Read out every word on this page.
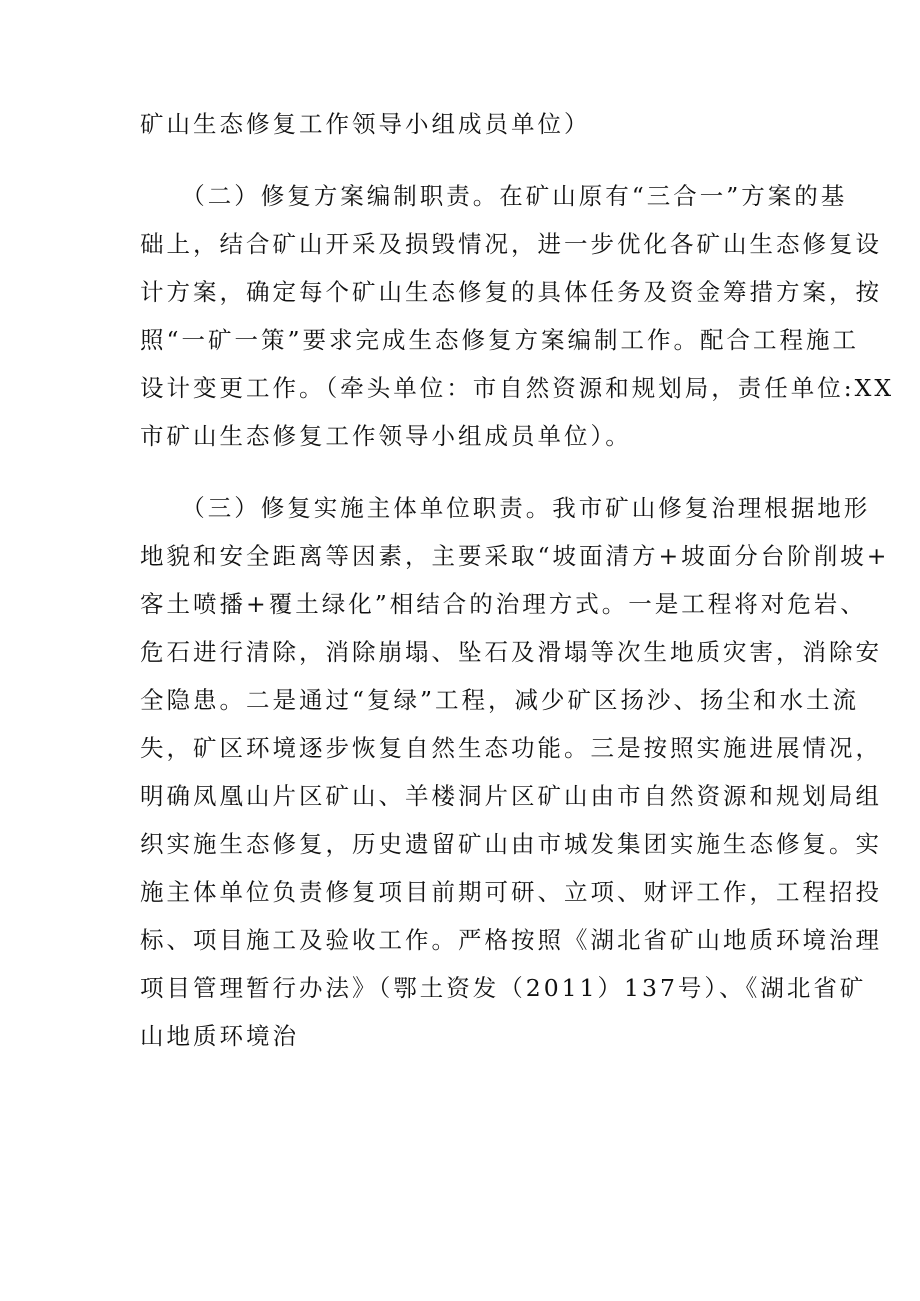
矿山生态修复工作领导小组成员单位）
　　（二）修复方案编制职责。在矿山原有“三合一”方案的基
础上，结合矿山开采及损毁情况，进一步优化各矿山生态修复设
计方案，确定每个矿山生态修复的具体任务及资金筹措方案，按
照“一矿一策”要求完成生态修复方案编制工作。配合工程施工
设计变更工作。（牵头单位：市自然资源和规划局，责任单位:XX
市矿山生态修复工作领导小组成员单位）。
　　（三）修复实施主体单位职责。我市矿山修复治理根据地形
地貌和安全距离等因素，主要采取“坡面清方+坡面分台阶削坡+
客土喷播+覆土绿化”相结合的治理方式。一是工程将对危岩、
危石进行清除，消除崩塌、坠石及滑塌等次生地质灾害，消除安
全隐患。二是通过“复绿”工程，减少矿区扬沙、扬尘和水土流
失，矿区环境逐步恢复自然生态功能。三是按照实施进展情况，
明确凤凰山片区矿山、羊楼洞片区矿山由市自然资源和规划局组
织实施生态修复，历史遗留矿山由市城发集团实施生态修复。实
施主体单位负责修复项目前期可研、立项、财评工作，工程招投
标、项目施工及验收工作。严格按照《湖北省矿山地质环境治理
项目管理暂行办法》（鄂土资发（2011）137号）、《湖北省矿
山地质环境治
